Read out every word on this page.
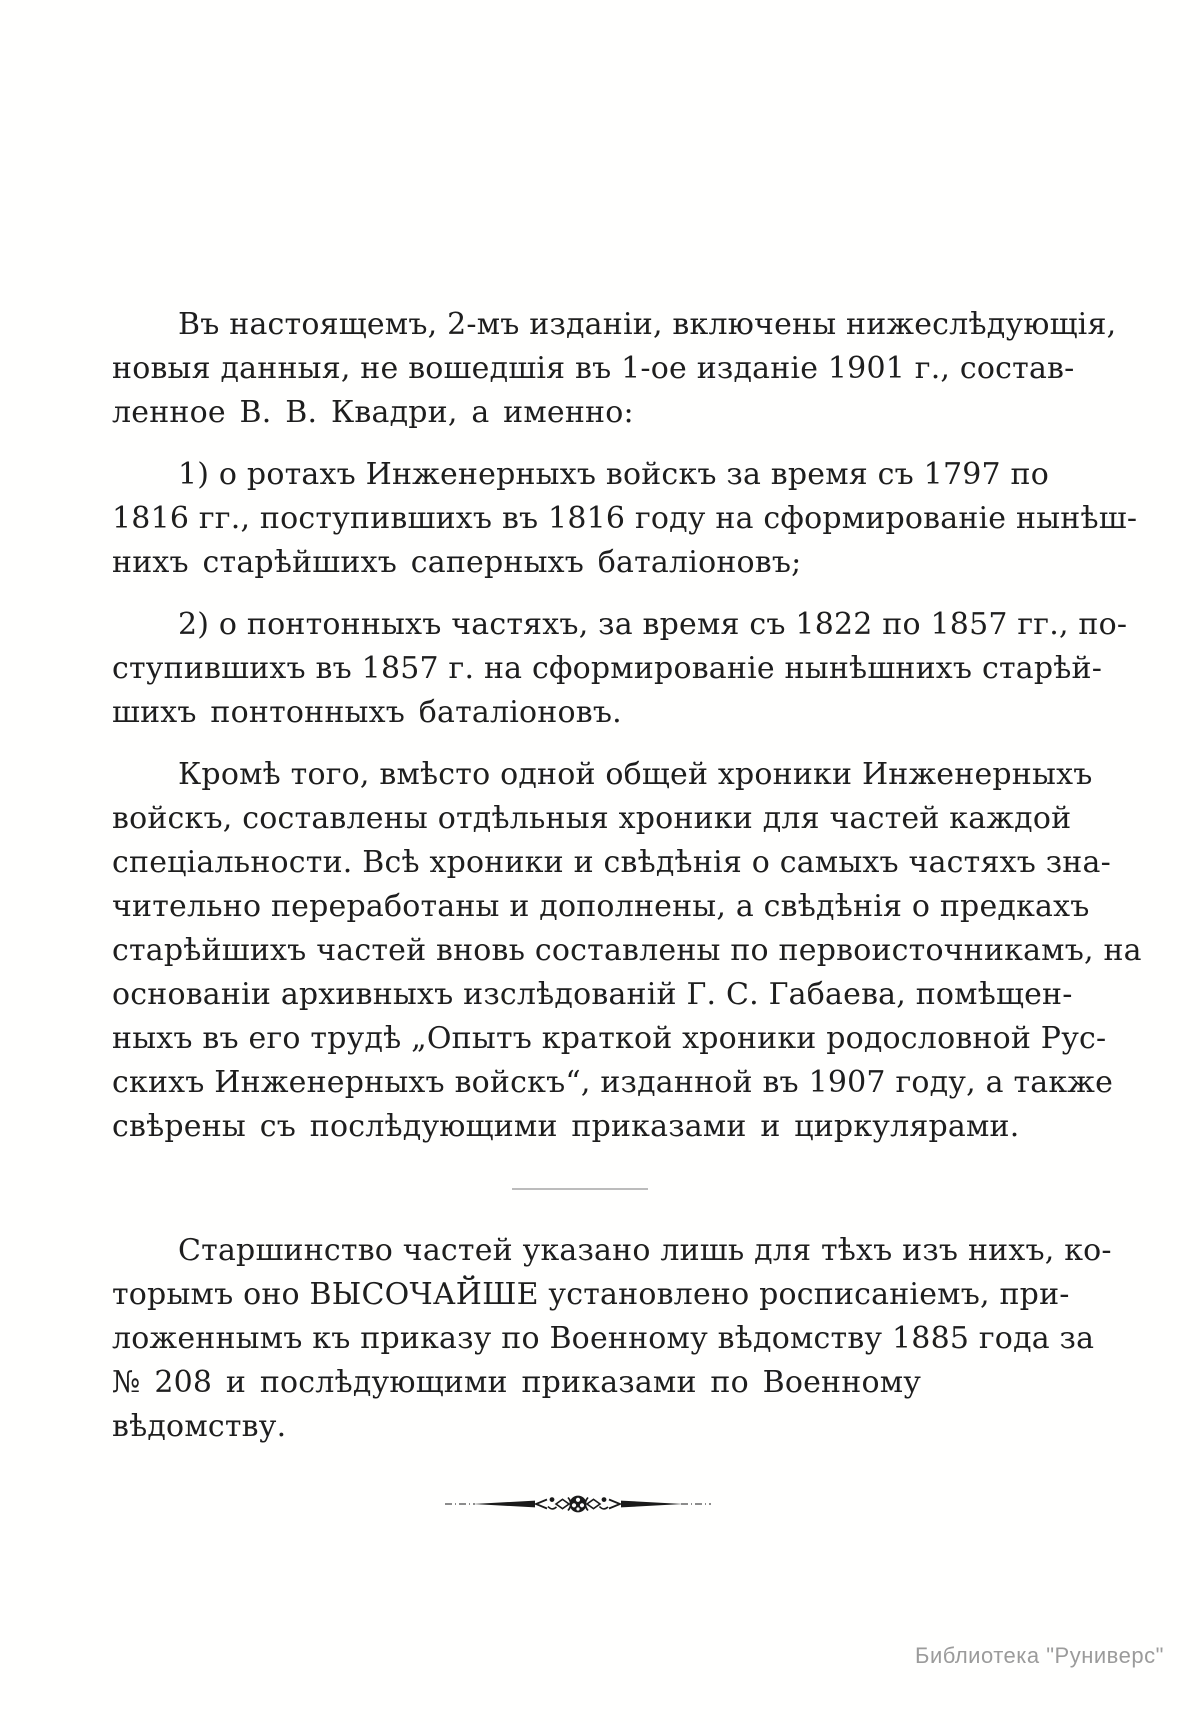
Въ настоящемъ, 2-мъ изданіи, включены нижеслѣдующія,
новыя данныя, не вошедшія въ 1-ое изданіе 1901 г., состав-
ленное В. В. Квадри, а именно:
1) о ротахъ Инженерныхъ войскъ за время съ 1797 по
1816 гг., поступившихъ въ 1816 году на сформированіе нынѣш-
нихъ старѣйшихъ саперныхъ баталіоновъ;
2) о понтонныхъ частяхъ, за время съ 1822 по 1857 гг., по-
ступившихъ въ 1857 г. на сформированіе нынѣшнихъ старѣй-
шихъ понтонныхъ баталіоновъ.
Кромѣ того, вмѣсто одной общей хроники Инженерныхъ
войскъ, составлены отдѣльныя хроники для частей каждой
спеціальности. Всѣ хроники и свѣдѣнія о самыхъ частяхъ зна-
чительно переработаны и дополнены, а свѣдѣнія о предкахъ
старѣйшихъ частей вновь составлены по первоисточникамъ, на
основаніи архивныхъ изслѣдованій Г. С. Габаева, помѣщен-
ныхъ въ его трудѣ „Опытъ краткой хроники родословной Рус-
скихъ Инженерныхъ войскъ“, изданной въ 1907 году, а также
свѣрены съ послѣдующими приказами и циркулярами.
Старшинство частей указано лишь для тѣхъ изъ нихъ, ко-
торымъ оно ВЫСОЧАЙШЕ установлено росписаніемъ, при-
ложеннымъ къ приказу по Военному вѣдомству 1885 года за
№ 208 и послѣдующими приказами по Военному вѣдомству.
Библиотека "Руниверс"
